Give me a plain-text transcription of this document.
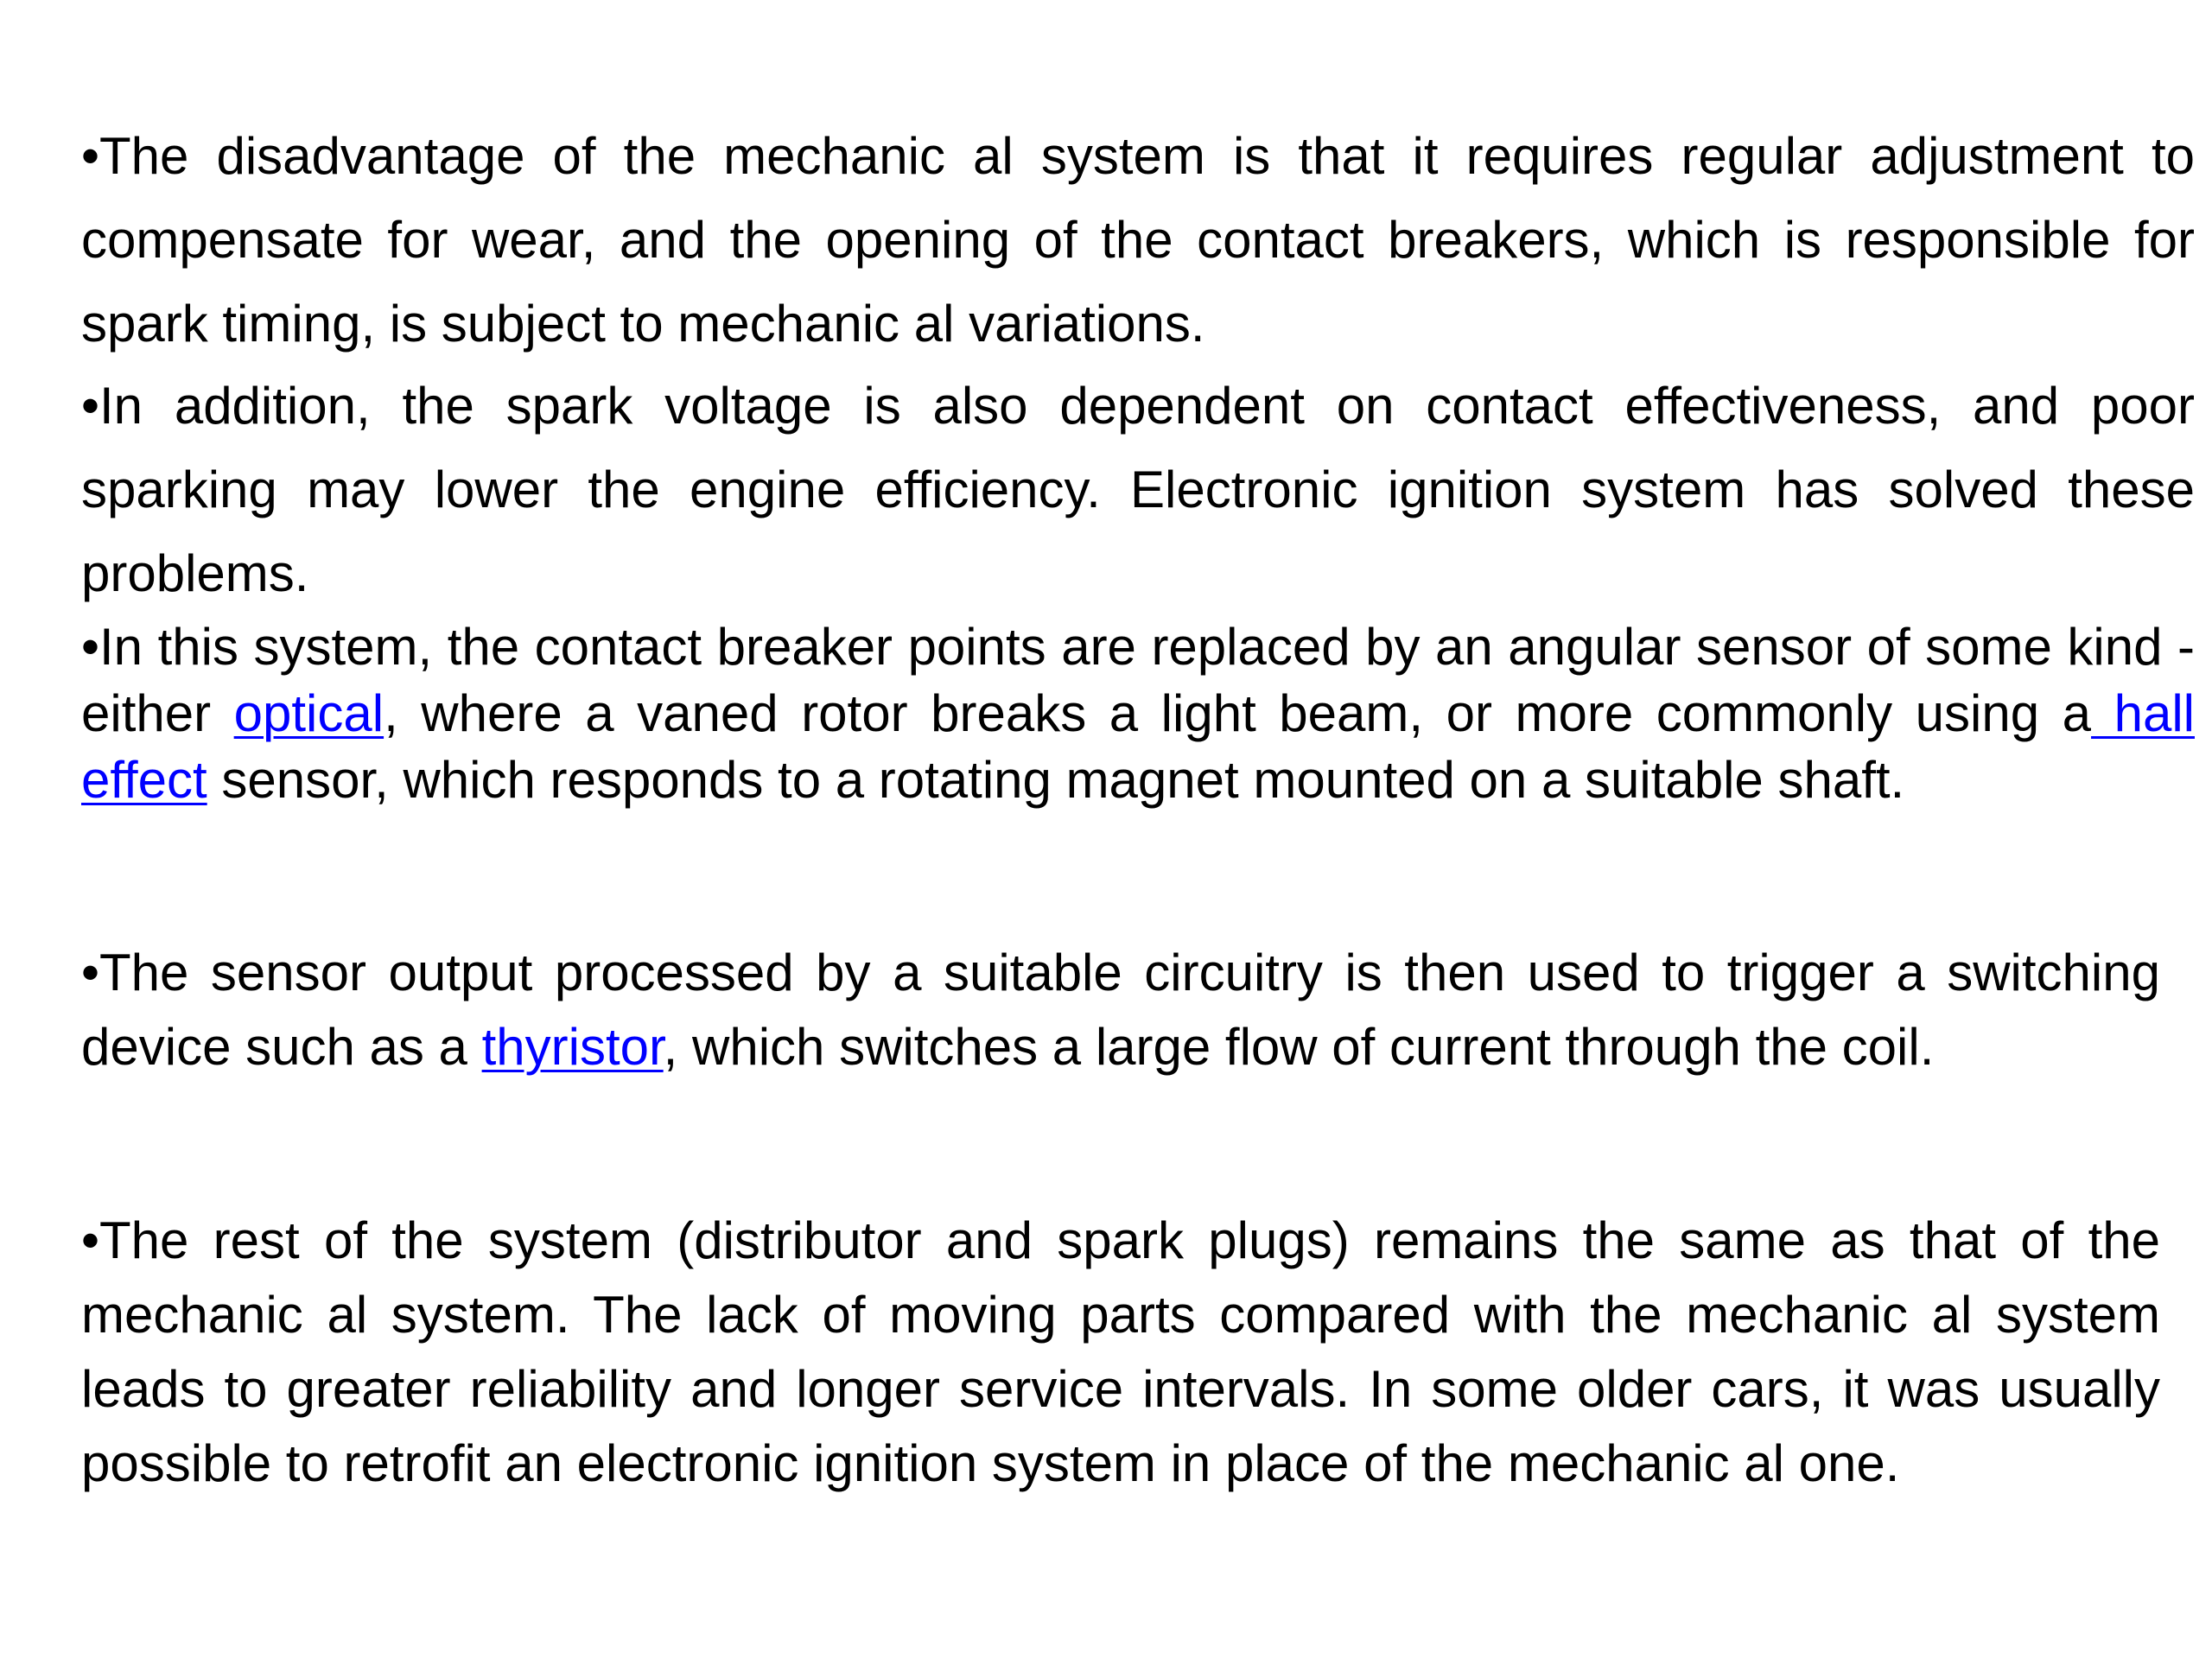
•The disadvantage of the mechanic al system is that it requires regular adjustment to compensate for wear, and the opening of the contact breakers, which is responsible for spark timing, is subject to mechanic al variations.

•In addition, the spark voltage is also dependent on contact effectiveness, and poor sparking may lower the engine efficiency. Electronic ignition system has solved these problems.

•In this system, the contact breaker points are replaced by an angular sensor of some kind - either optical, where a vaned rotor breaks a light beam, or more commonly using a hall effect sensor, which responds to a rotating magnet mounted on a suitable shaft.

•The sensor output processed by a suitable circuitry is then used to trigger a switching device such as a thyristor, which switches a large flow of current through the coil.

•The rest of the system (distributor and spark plugs) remains the same as that of the mechanic al system. The lack of moving parts compared with the mechanic al system leads to greater reliability and longer service intervals. In some older cars, it was usually possible to retrofit an electronic ignition system in place of the mechanic al one.
